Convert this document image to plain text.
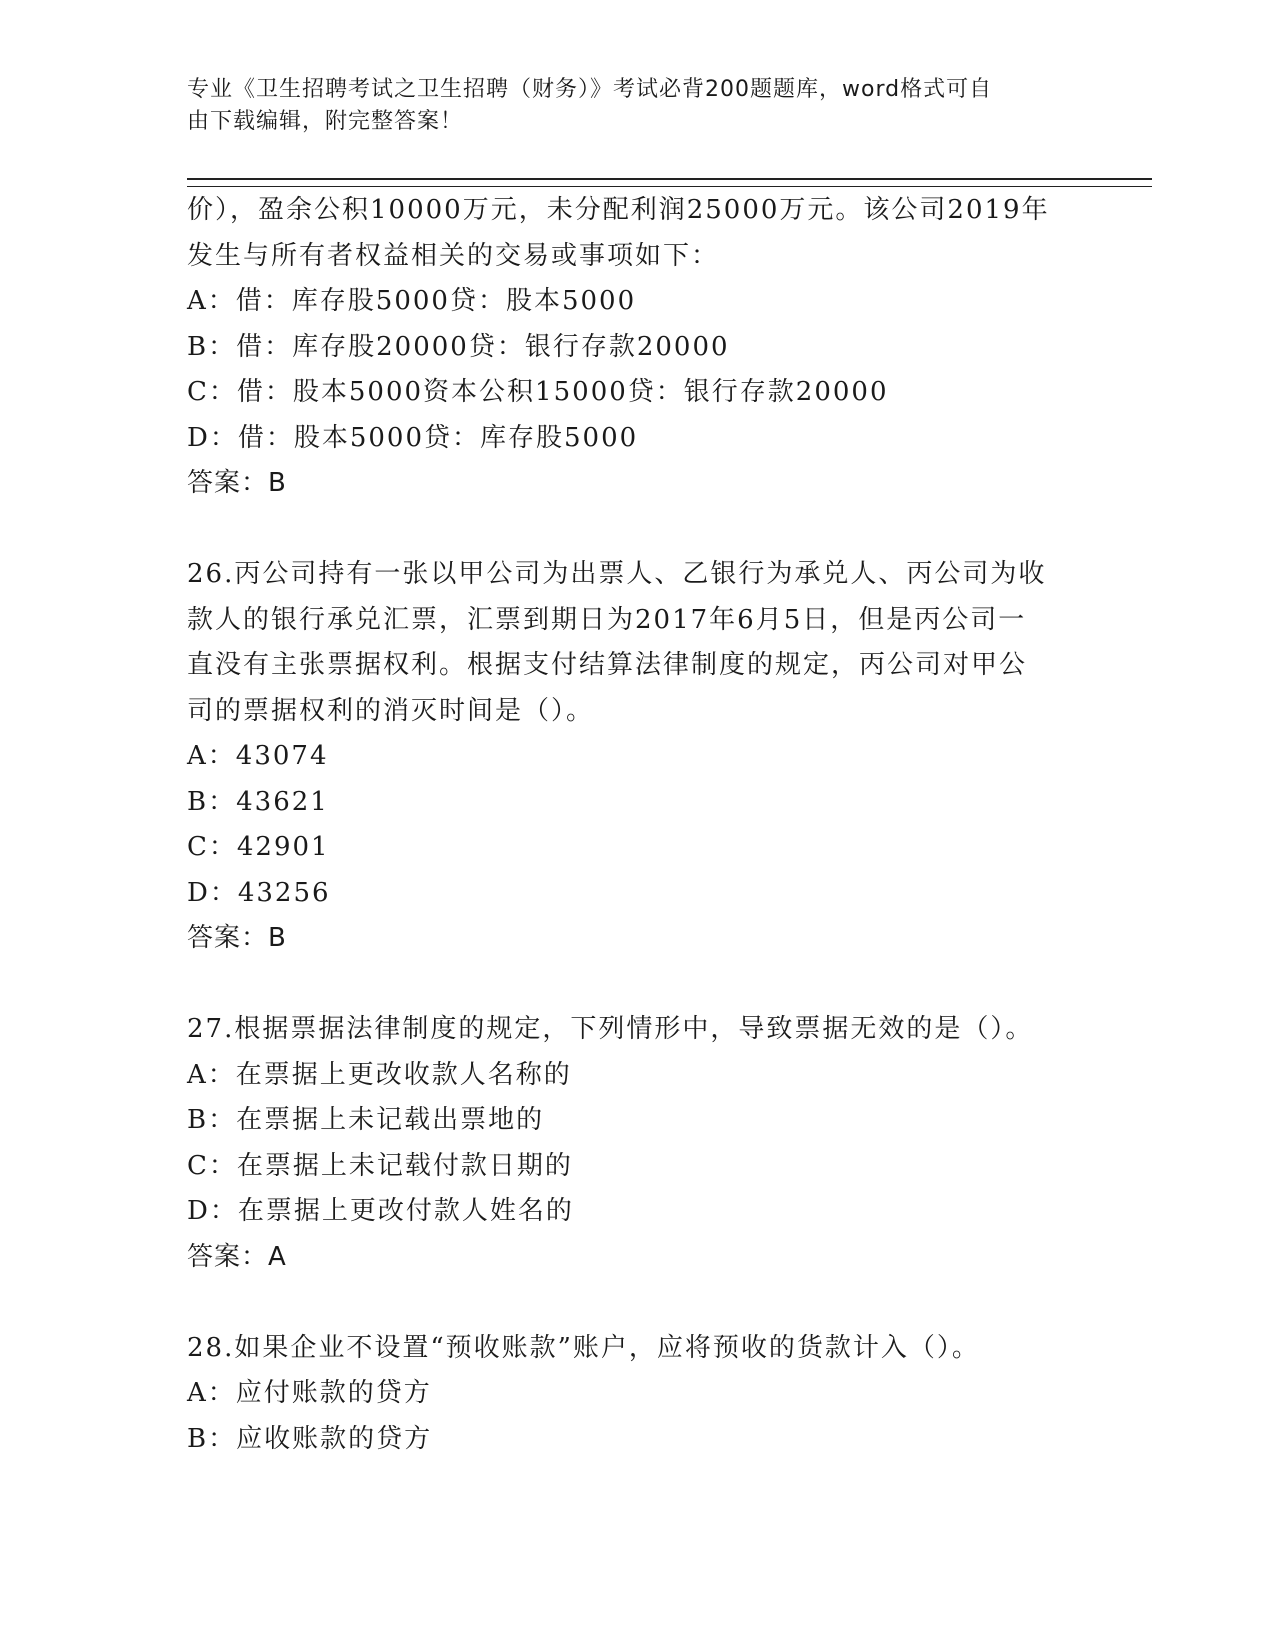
专业《卫生招聘考试之卫生招聘（财务）》考试必背200题题库，word格式可自
由下载编辑，附完整答案！
价），盈余公积10000万元，未分配利润25000万元。该公司2019年
发生与所有者权益相关的交易或事项如下：
A：借：库存股5000贷：股本5000
B：借：库存股20000贷：银行存款20000
C：借：股本5000资本公积15000贷：银行存款20000
D：借：股本5000贷：库存股5000
答案：B
26.丙公司持有一张以甲公司为出票人、乙银行为承兑人、丙公司为收
款人的银行承兑汇票，汇票到期日为2017年6月5日，但是丙公司一
直没有主张票据权利。根据支付结算法律制度的规定，丙公司对甲公
司的票据权利的消灭时间是（）。
A：43074
B：43621
C：42901
D：43256
答案：B
27.根据票据法律制度的规定，下列情形中，导致票据无效的是（）。
A：在票据上更改收款人名称的
B：在票据上未记载出票地的
C：在票据上未记载付款日期的
D：在票据上更改付款人姓名的
答案：A
28.如果企业不设置“预收账款”账户，应将预收的货款计入（）。
A：应付账款的贷方
B：应收账款的贷方
